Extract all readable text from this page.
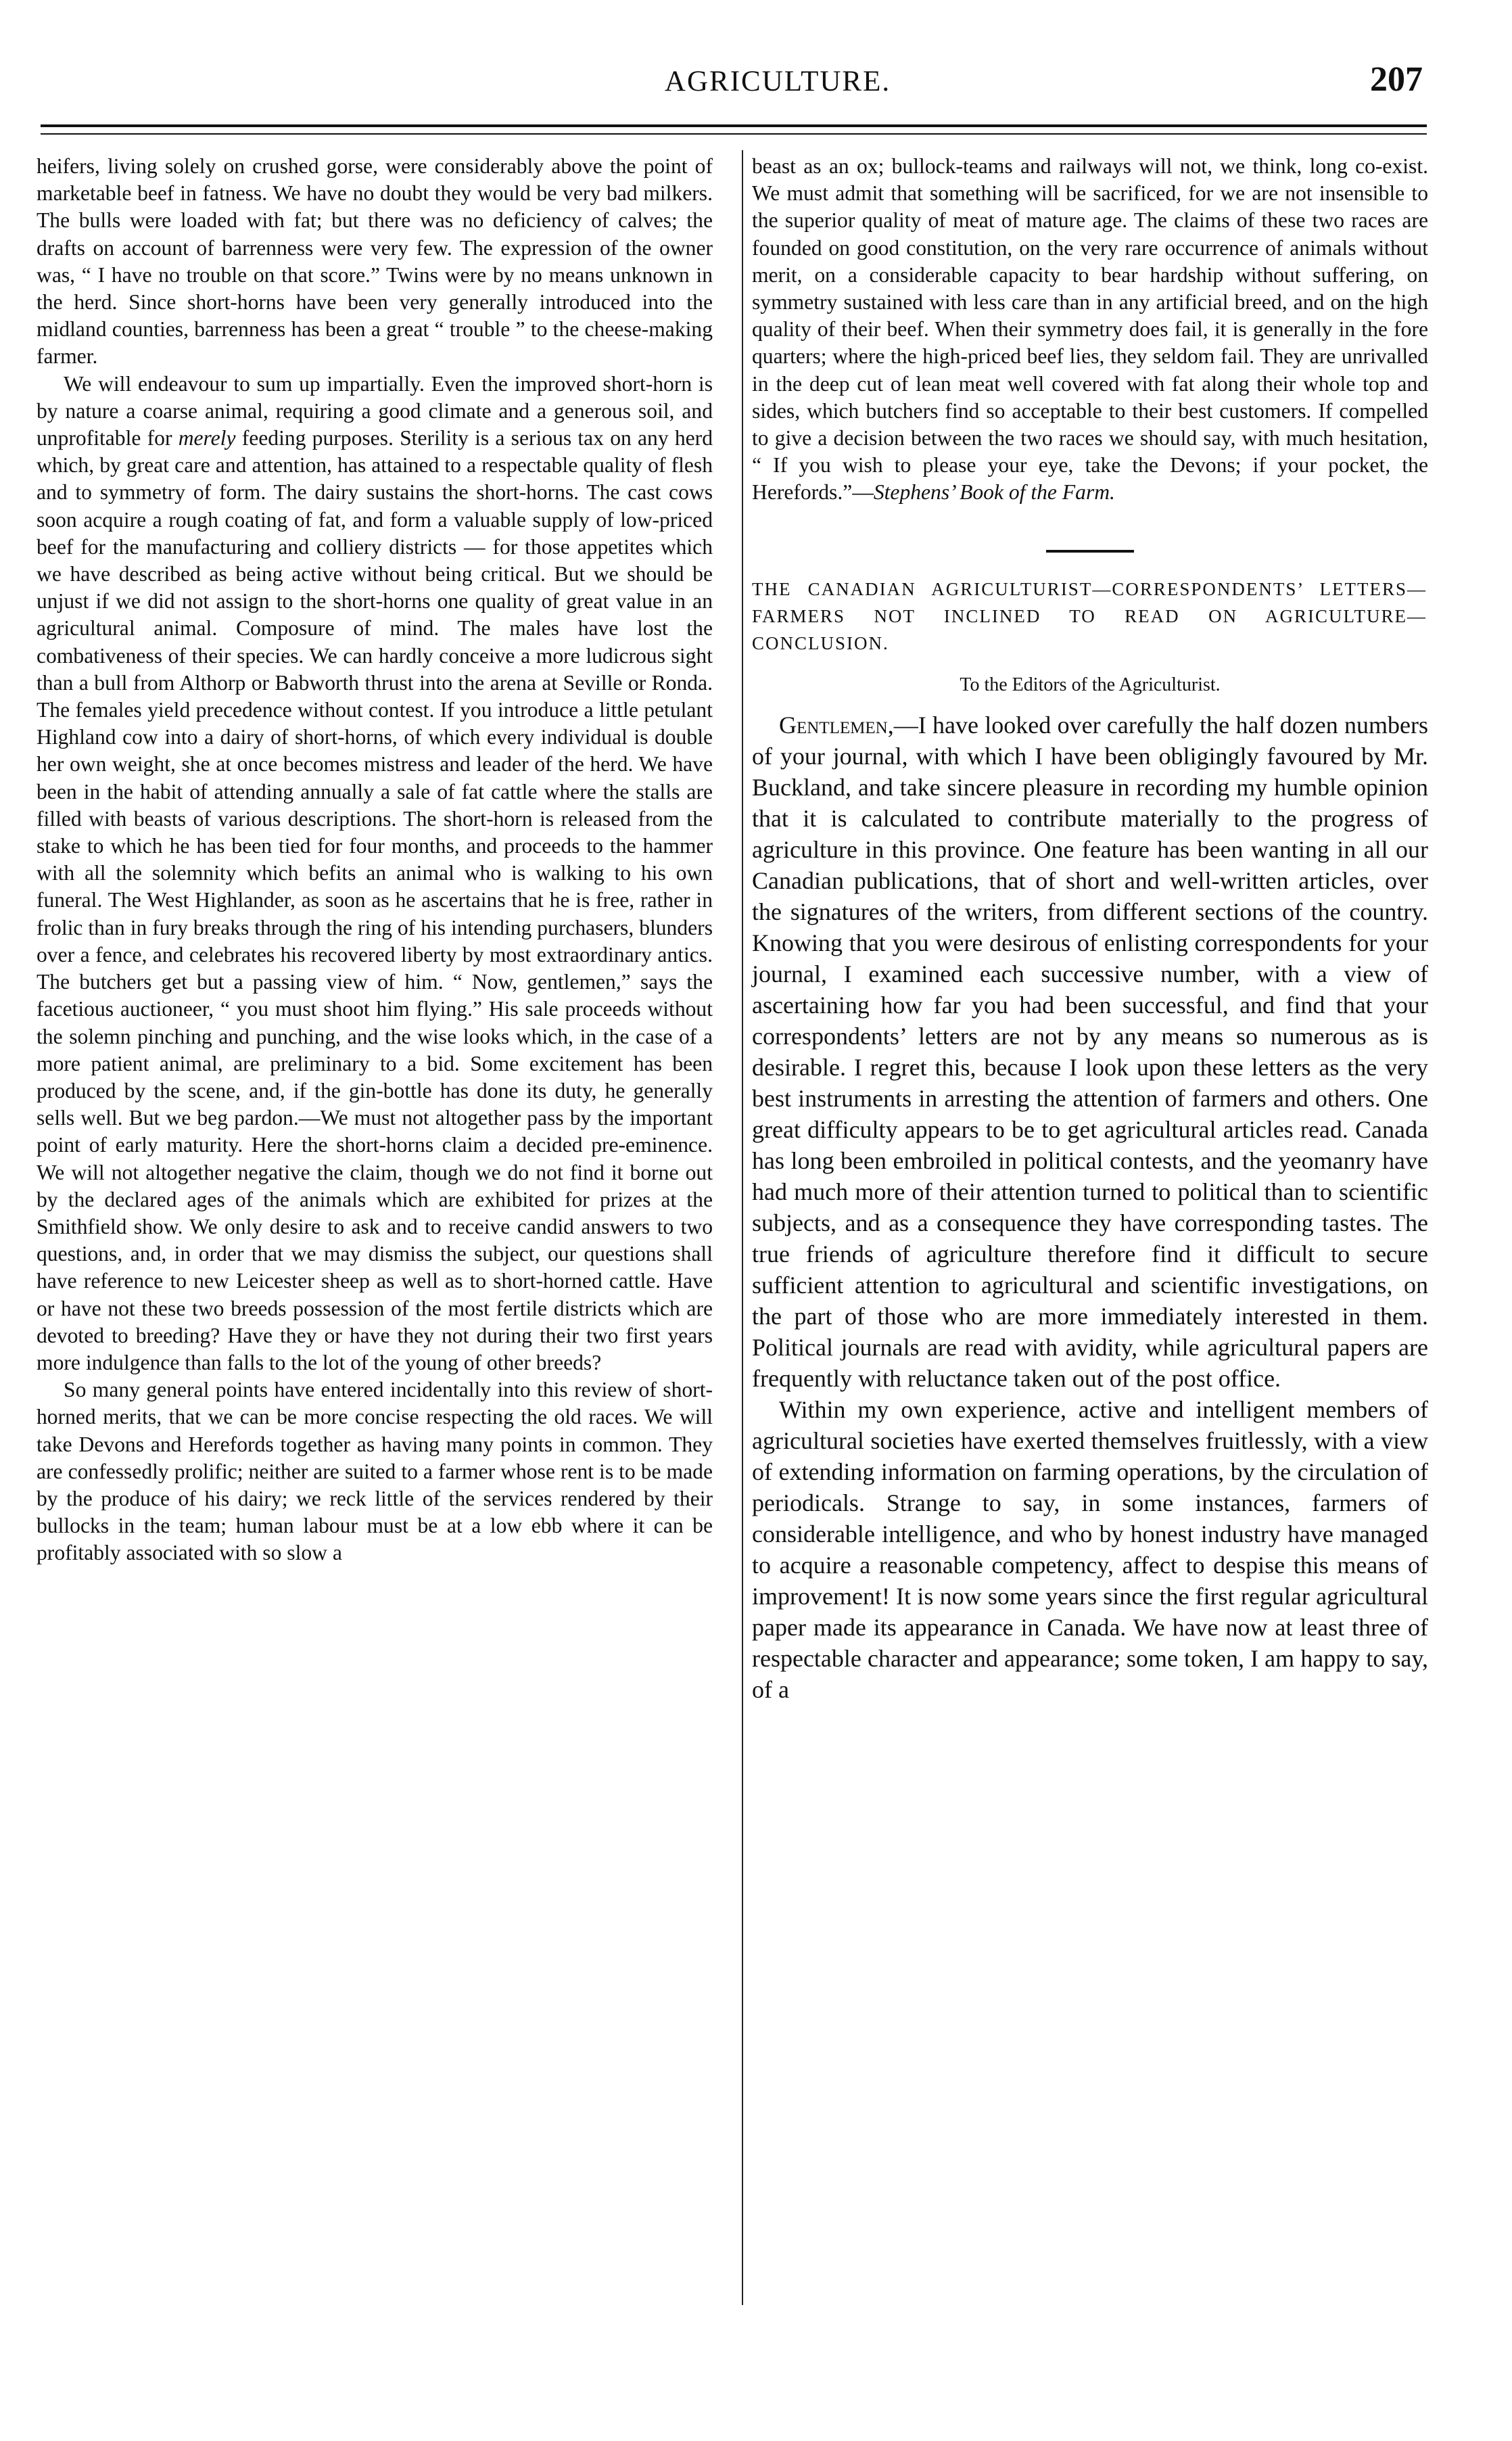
AGRICULTURE.	207

heifers, living solely on crushed gorse, were considerably above the point of marketable beef in fatness. We have no doubt they would be very bad milkers. The bulls were loaded with fat; but there was no deficiency of calves; the drafts on account of barrenness were very few. The expression of the owner was, “ I have no trouble on that score.” Twins were by no means unknown in the herd. Since short-horns have been very generally introduced into the midland counties, barrenness has been a great “ trouble ” to the cheese-making farmer.

We will endeavour to sum up impartially. Even the improved short-horn is by nature a coarse animal, requiring a good climate and a generous soil, and unprofitable for merely feeding purposes. Sterility is a serious tax on any herd which, by great care and attention, has attained to a respectable quality of flesh and to symmetry of form. The dairy sustains the short-horns. The cast cows soon acquire a rough coating of fat, and form a valuable supply of low-priced beef for the manufacturing and colliery districts — for those appetites which we have described as being active without being critical. But we should be unjust if we did not assign to the short-horns one quality of great value in an agricultural animal. Composure of mind. The males have lost the combativeness of their species. We can hardly conceive a more ludicrous sight than a bull from Althorp or Babworth thrust into the arena at Seville or Ronda. The females yield precedence without contest. If you introduce a little petulant Highland cow into a dairy of short-horns, of which every individual is double her own weight, she at once becomes mistress and leader of the herd. We have been in the habit of attending annually a sale of fat cattle where the stalls are filled with beasts of various descriptions. The short-horn is released from the stake to which he has been tied for four months, and proceeds to the hammer with all the solemnity which befits an animal who is walking to his own funeral. The West Highlander, as soon as he ascertains that he is free, rather in frolic than in fury breaks through the ring of his intending purchasers, blunders over a fence, and celebrates his recovered liberty by most extraordinary antics. The butchers get but a passing view of him. “ Now, gentlemen,” says the facetious auctioneer, “ you must shoot him flying.” His sale proceeds without the solemn pinching and punching, and the wise looks which, in the case of a more patient animal, are preliminary to a bid. Some excitement has been produced by the scene, and, if the gin-bottle has done its duty, he generally sells well. But we beg pardon.—We must not altogether pass by the important point of early maturity. Here the short-horns claim a decided pre-eminence. We will not altogether negative the claim, though we do not find it borne out by the declared ages of the animals which are exhibited for prizes at the Smithfield show. We only desire to ask and to receive candid answers to two questions, and, in order that we may dismiss the subject, our questions shall have reference to new Leicester sheep as well as to short-horned cattle. Have or have not these two breeds possession of the most fertile districts which are devoted to breeding? Have they or have they not during their two first years more indulgence than falls to the lot of the young of other breeds?

So many general points have entered incidentally into this review of short-horned merits, that we can be more concise respecting the old races. We will take Devons and Herefords together as having many points in common. They are confessedly prolific; neither are suited to a farmer whose rent is to be made by the produce of his dairy; we reck little of the services rendered by their bullocks in the team; human labour must be at a low ebb where it can be profitably associated with so slow a

beast as an ox; bullock-teams and railways will not, we think, long co-exist. We must admit that something will be sacrificed, for we are not insensible to the superior quality of meat of mature age. The claims of these two races are founded on good constitution, on the very rare occurrence of animals without merit, on a considerable capacity to bear hardship without suffering, on symmetry sustained with less care than in any artificial breed, and on the high quality of their beef. When their symmetry does fail, it is generally in the fore quarters; where the high-priced beef lies, they seldom fail. They are unrivalled in the deep cut of lean meat well covered with fat along their whole top and sides, which butchers find so acceptable to their best customers. If compelled to give a decision between the two races we should say, with much hesitation, “ If you wish to please your eye, take the Devons; if your pocket, the Herefords.”—Stephens’ Book of the Farm.

THE CANADIAN AGRICULTURIST—CORRESPONDENTS’ LETTERS—FARMERS NOT INCLINED TO READ ON AGRICULTURE—CONCLUSION.

To the Editors of the Agriculturist.

Gentlemen,—I have looked over carefully the half dozen numbers of your journal, with which I have been obligingly favoured by Mr. Buckland, and take sincere pleasure in recording my humble opinion that it is calculated to contribute materially to the progress of agriculture in this province. One feature has been wanting in all our Canadian publications, that of short and well-written articles, over the signatures of the writers, from different sections of the country. Knowing that you were desirous of enlisting correspondents for your journal, I examined each successive number, with a view of ascertaining how far you had been successful, and find that your correspondents’ letters are not by any means so numerous as is desirable. I regret this, because I look upon these letters as the very best instruments in arresting the attention of farmers and others. One great difficulty appears to be to get agricultural articles read. Canada has long been embroiled in political contests, and the yeomanry have had much more of their attention turned to political than to scientific subjects, and as a consequence they have corresponding tastes. The true friends of agriculture therefore find it difficult to secure sufficient attention to agricultural and scientific investigations, on the part of those who are more immediately interested in them. Political journals are read with avidity, while agricultural papers are frequently with reluctance taken out of the post office.

Within my own experience, active and intelligent members of agricultural societies have exerted themselves fruitlessly, with a view of extending information on farming operations, by the circulation of periodicals. Strange to say, in some instances, farmers of considerable intelligence, and who by honest industry have managed to acquire a reasonable competency, affect to despise this means of improvement! It is now some years since the first regular agricultural paper made its appearance in Canada. We have now at least three of respectable character and appearance; some token, I am happy to say, of a
